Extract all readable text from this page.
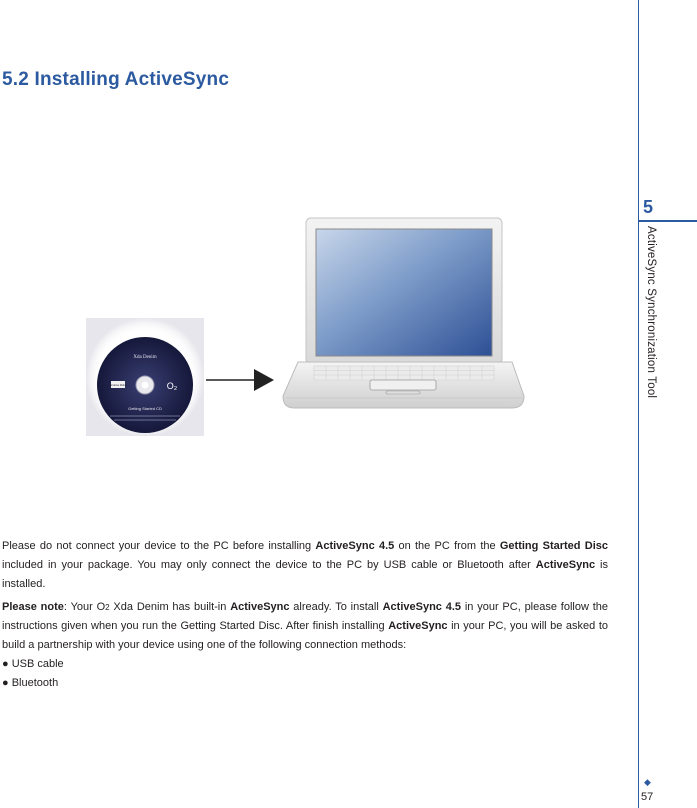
5.2 Installing ActiveSync
5
ActiveSync Synchronization Tool
◆
57
Xda Denim
Getting Started CD
O₂
Windows Mobile

Please do not connect your device to the PC before installing ActiveSync 4.5 on the PC from the Getting Started Disc included in your package. You may only connect the device to the PC by USB cable or Bluetooth after ActiveSync is installed.

Please note: Your O2 Xda Denim has built-in ActiveSync already. To install ActiveSync 4.5 in your PC, please follow the instructions given when you run the Getting Started Disc. After finish installing ActiveSync in your PC, you will be asked to build a partnership with your device using one of the following connection methods:

● USB cable
● Bluetooth
